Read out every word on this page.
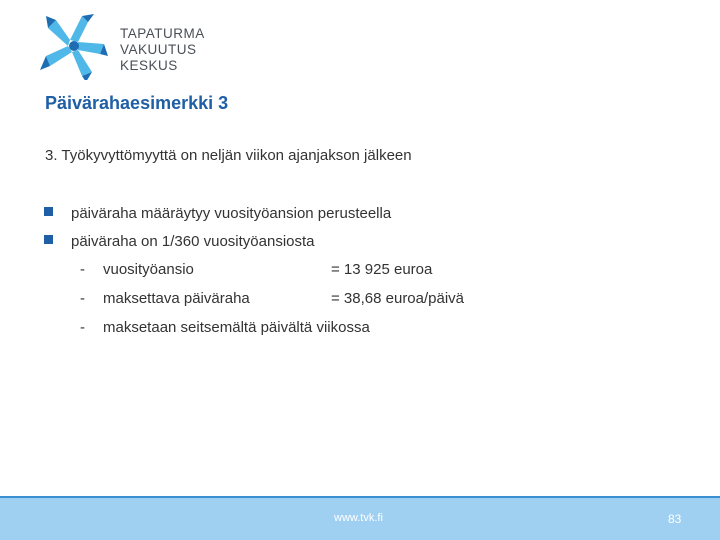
TAPATURMA
VAKUUTUS
KESKUS
Päivärahaesimerkki 3
3. Työkyvyttömyyttä on neljän viikon ajanjakson jälkeen
päiväraha määräytyy vuosityöansion perusteella
päiväraha on 1/360 vuosityöansiosta
- vuosityöansio	= 13 925 euroa
- maksettava päiväraha	= 38,68 euroa/päivä
- maksetaan seitsemältä päivältä viikossa
www.tvk.fi	83
